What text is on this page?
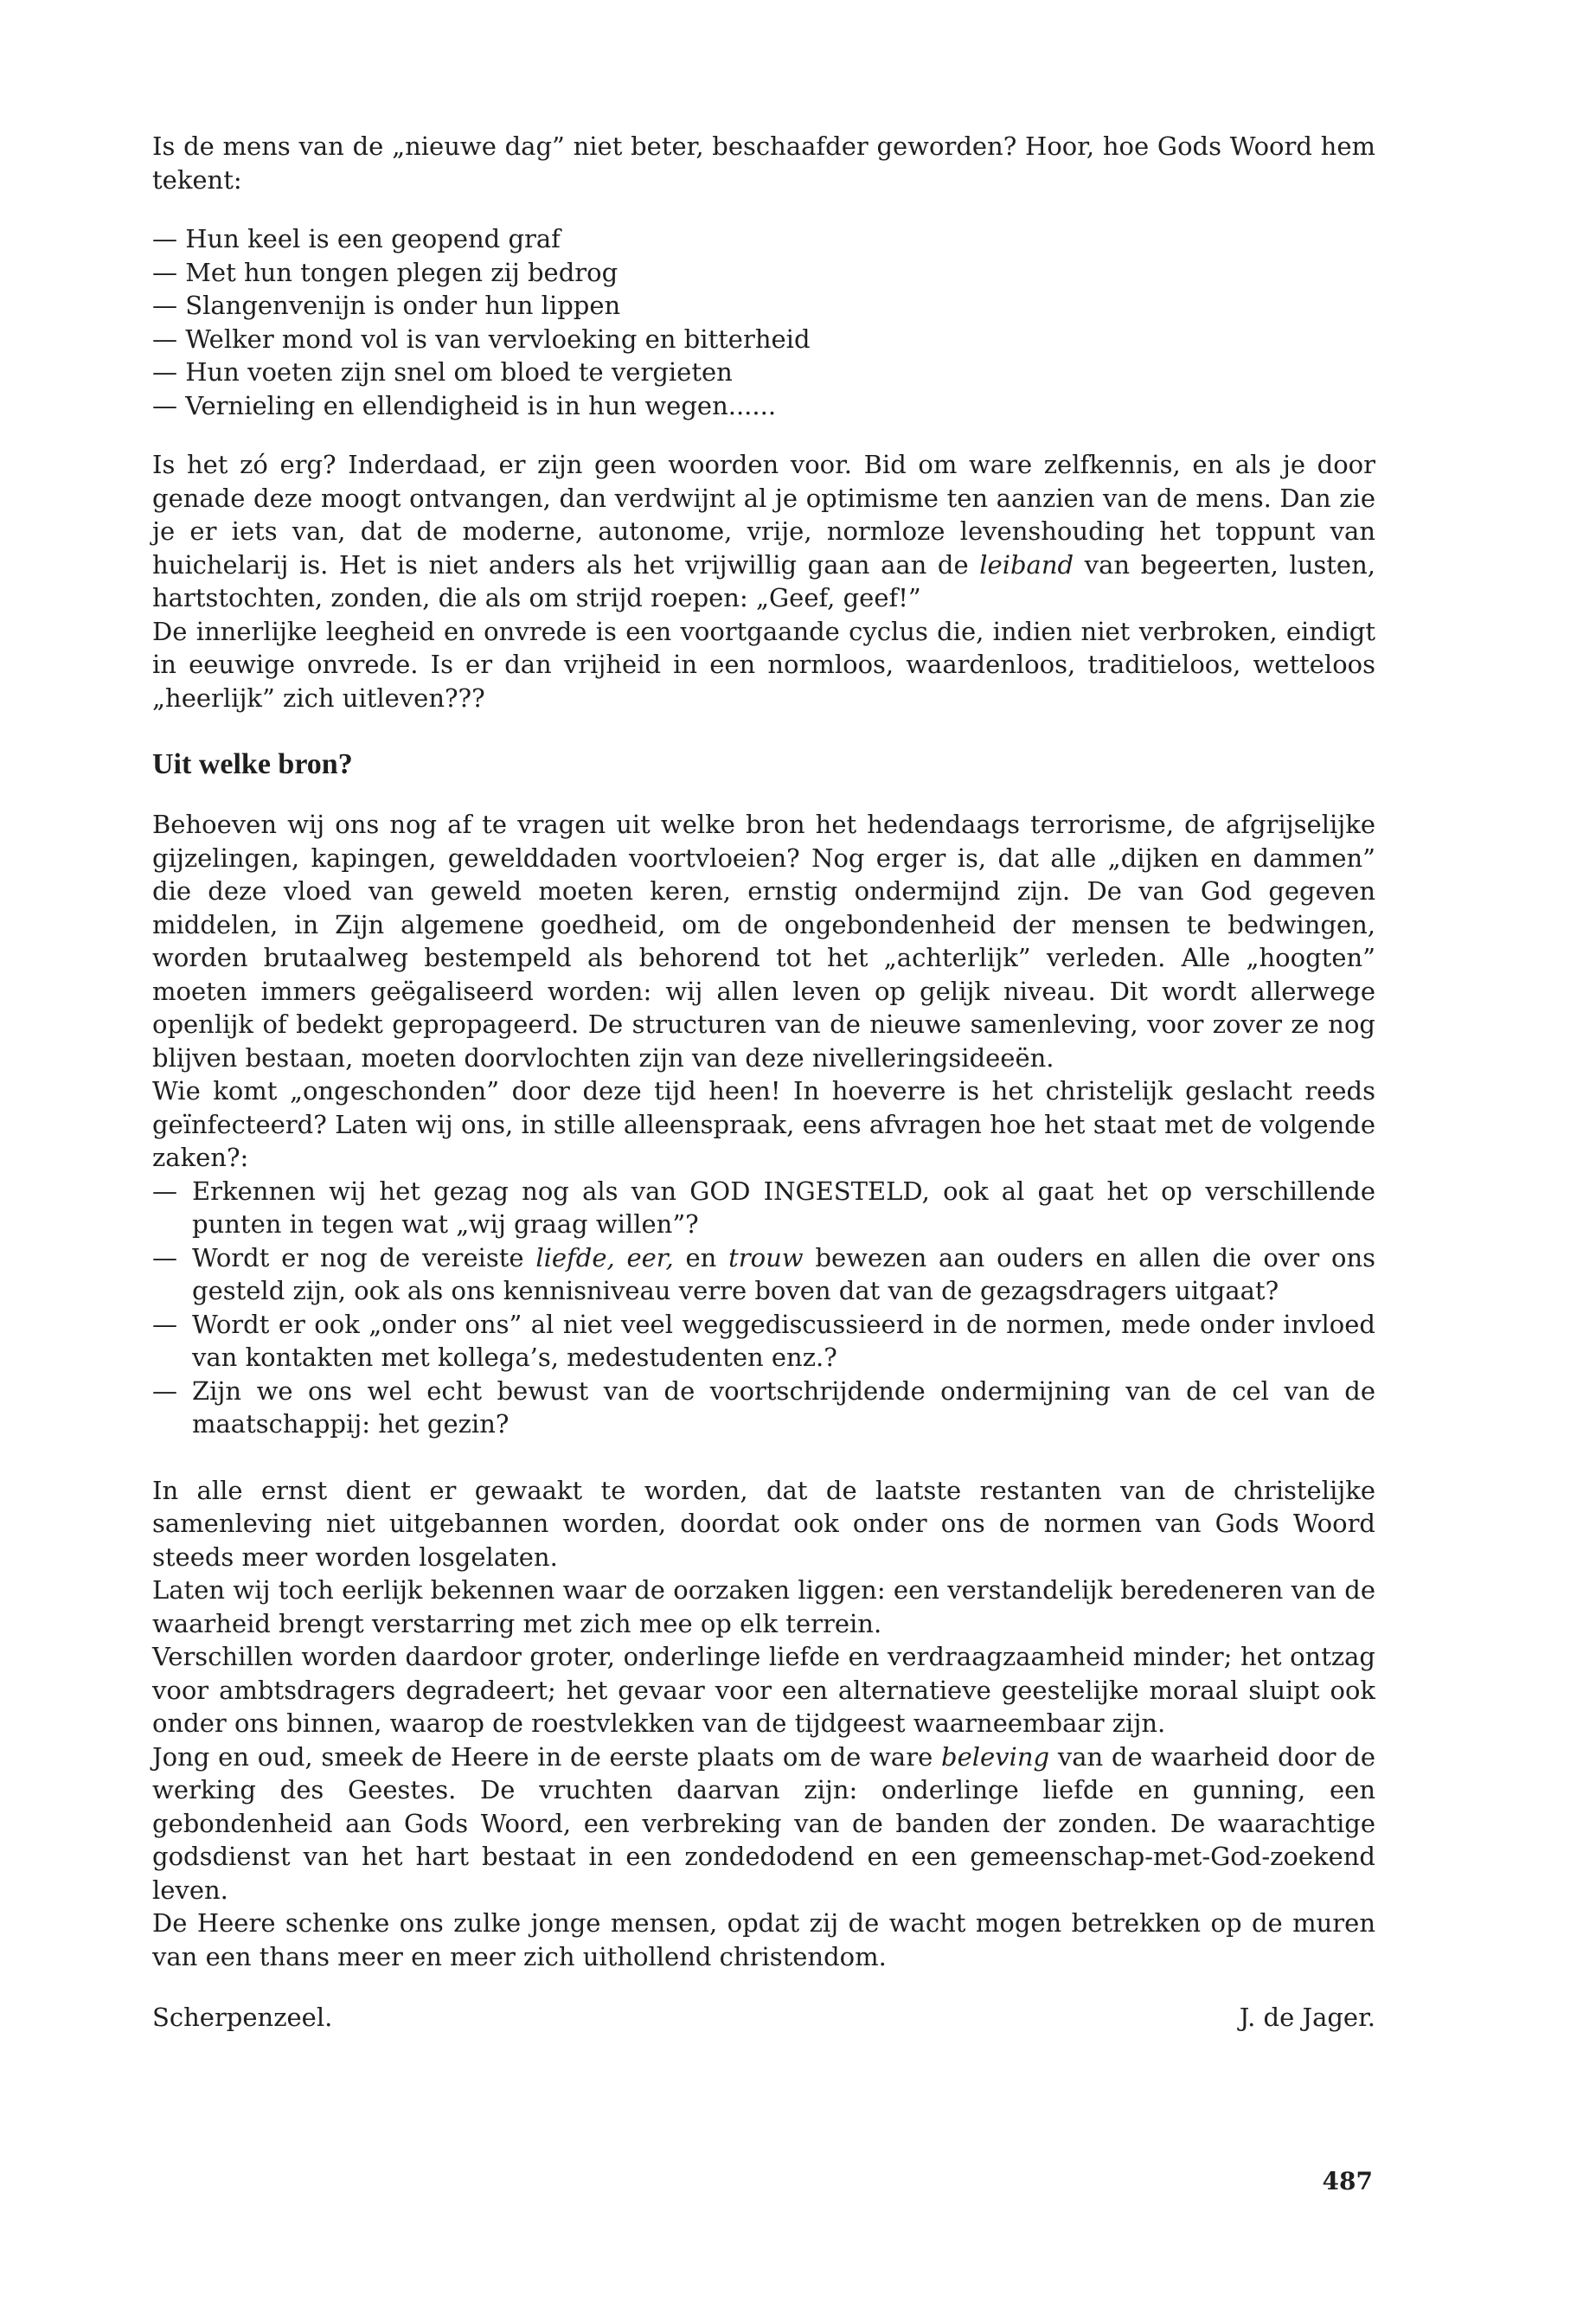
Is de mens van de „nieuwe dag” niet beter, beschaafder geworden? Hoor, hoe Gods Woord hem tekent:

— Hun keel is een geopend graf
— Met hun tongen plegen zij bedrog
— Slangenvenijn is onder hun lippen
— Welker mond vol is van vervloeking en bitterheid
— Hun voeten zijn snel om bloed te vergieten
— Vernieling en ellendigheid is in hun wegen......

Is het zó erg? Inderdaad, er zijn geen woorden voor. Bid om ware zelfkennis, en als je door genade deze moogt ontvangen, dan verdwijnt al je optimisme ten aanzien van de mens. Dan zie je er iets van, dat de moderne, autonome, vrije, normloze levenshouding het toppunt van huichelarij is. Het is niet anders als het vrijwillig gaan aan de leiband van begeerten, lusten, hartstochten, zonden, die als om strijd roepen: „Geef, geef!”

De innerlijke leegheid en onvrede is een voortgaande cyclus die, indien niet verbroken, eindigt in eeuwige onvrede. Is er dan vrijheid in een normloos, waardenloos, traditieloos, wetteloos „heerlijk” zich uitleven???

Uit welke bron?

Behoeven wij ons nog af te vragen uit welke bron het hedendaags terrorisme, de afgrijselijke gijzelingen, kapingen, gewelddaden voortvloeien? Nog erger is, dat alle „dijken en dammen” die deze vloed van geweld moeten keren, ernstig ondermijnd zijn. De van God gegeven middelen, in Zijn algemene goedheid, om de ongebondenheid der mensen te bedwingen, worden brutaalweg bestempeld als behorend tot het „achterlijk” verleden. Alle „hoogten” moeten immers geëgaliseerd worden: wij allen leven op gelijk niveau. Dit wordt allerwege openlijk of bedekt gepropageerd. De structuren van de nieuwe samenleving, voor zover ze nog blijven bestaan, moeten doorvlochten zijn van deze nivelleringsideeën.

Wie komt „ongeschonden” door deze tijd heen! In hoeverre is het christelijk geslacht reeds geïnfecteerd? Laten wij ons, in stille alleenspraak, eens afvragen hoe het staat met de volgende zaken?:

— Erkennen wij het gezag nog als van GOD INGESTELD, ook al gaat het op verschillende punten in tegen wat „wij graag willen”?
— Wordt er nog de vereiste liefde, eer, en trouw bewezen aan ouders en allen die over ons gesteld zijn, ook als ons kennisniveau verre boven dat van de gezagsdragers uitgaat?
— Wordt er ook „onder ons” al niet veel weggediscussieerd in de normen, mede onder invloed van kontakten met kollega’s, medestudenten enz.?
— Zijn we ons wel echt bewust van de voortschrijdende ondermijning van de cel van de maatschappij: het gezin?

In alle ernst dient er gewaakt te worden, dat de laatste restanten van de christelijke samenleving niet uitgebannen worden, doordat ook onder ons de normen van Gods Woord steeds meer worden losgelaten.

Laten wij toch eerlijk bekennen waar de oorzaken liggen: een verstandelijk beredeneren van de waarheid brengt verstarring met zich mee op elk terrein.

Verschillen worden daardoor groter, onderlinge liefde en verdraagzaamheid minder; het ontzag voor ambtsdragers degradeert; het gevaar voor een alternatieve geestelijke moraal sluipt ook onder ons binnen, waarop de roestvlekken van de tijdgeest waarneembaar zijn.

Jong en oud, smeek de Heere in de eerste plaats om de ware beleving van de waarheid door de werking des Geestes. De vruchten daarvan zijn: onderlinge liefde en gunning, een gebondenheid aan Gods Woord, een verbreking van de banden der zonden. De waarachtige godsdienst van het hart bestaat in een zondedodend en een gemeenschap-met-God-zoekend leven.

De Heere schenke ons zulke jonge mensen, opdat zij de wacht mogen betrekken op de muren van een thans meer en meer zich uithollend christendom.

Scherpenzeel.	J. de Jager.
487
